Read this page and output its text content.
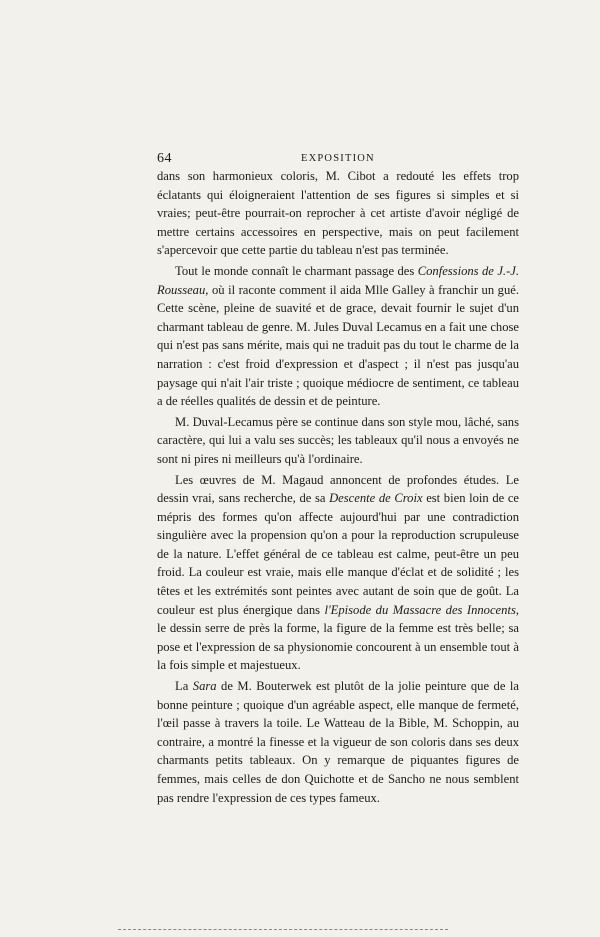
64	EXPOSITION

dans son harmonieux coloris, M. Cibot a redouté les effets trop éclatants qui éloigneraient l'attention de ses figures si simples et si vraies; peut-être pourrait-on reprocher à cet artiste d'avoir négligé de mettre certains accessoires en perspective, mais on peut facilement s'apercevoir que cette partie du tableau n'est pas terminée.

Tout le monde connaît le charmant passage des Confessions de J.-J. Rousseau, où il raconte comment il aida Mlle Galley à franchir un gué. Cette scène, pleine de suavité et de grace, devait fournir le sujet d'un charmant tableau de genre. M. Jules Duval Lecamus en a fait une chose qui n'est pas sans mérite, mais qui ne traduit pas du tout le charme de la narration : c'est froid d'expression et d'aspect ; il n'est pas jusqu'au paysage qui n'ait l'air triste ; quoique médiocre de sentiment, ce tableau a de réelles qualités de dessin et de peinture.

M. Duval-Lecamus père se continue dans son style mou, lâché, sans caractère, qui lui a valu ses succès; les tableaux qu'il nous a envoyés ne sont ni pires ni meilleurs qu'à l'ordinaire.

Les œuvres de M. Magaud annoncent de profondes études. Le dessin vrai, sans recherche, de sa Descente de Croix est bien loin de ce mépris des formes qu'on affecte aujourd'hui par une contradiction singulière avec la propension qu'on a pour la reproduction scrupuleuse de la nature. L'effet général de ce tableau est calme, peut-être un peu froid. La couleur est vraie, mais elle manque d'éclat et de solidité ; les têtes et les extrémités sont peintes avec autant de soin que de goût. La couleur est plus énergique dans l'Episode du Massacre des Innocents, le dessin serre de près la forme, la figure de la femme est très belle; sa pose et l'expression de sa physionomie concourent à un ensemble tout à la fois simple et majestueux.

La Sara de M. Bouterwek est plutôt de la jolie peinture que de la bonne peinture ; quoique d'un agréable aspect, elle manque de fermeté, l'œil passe à travers la toile. Le Watteau de la Bible, M. Schoppin, au contraire, a montré la finesse et la vigueur de son coloris dans ses deux charmants petits tableaux. On y remarque de piquantes figures de femmes, mais celles de don Quichotte et de Sancho ne nous semblent pas rendre l'expression de ces types fameux.
